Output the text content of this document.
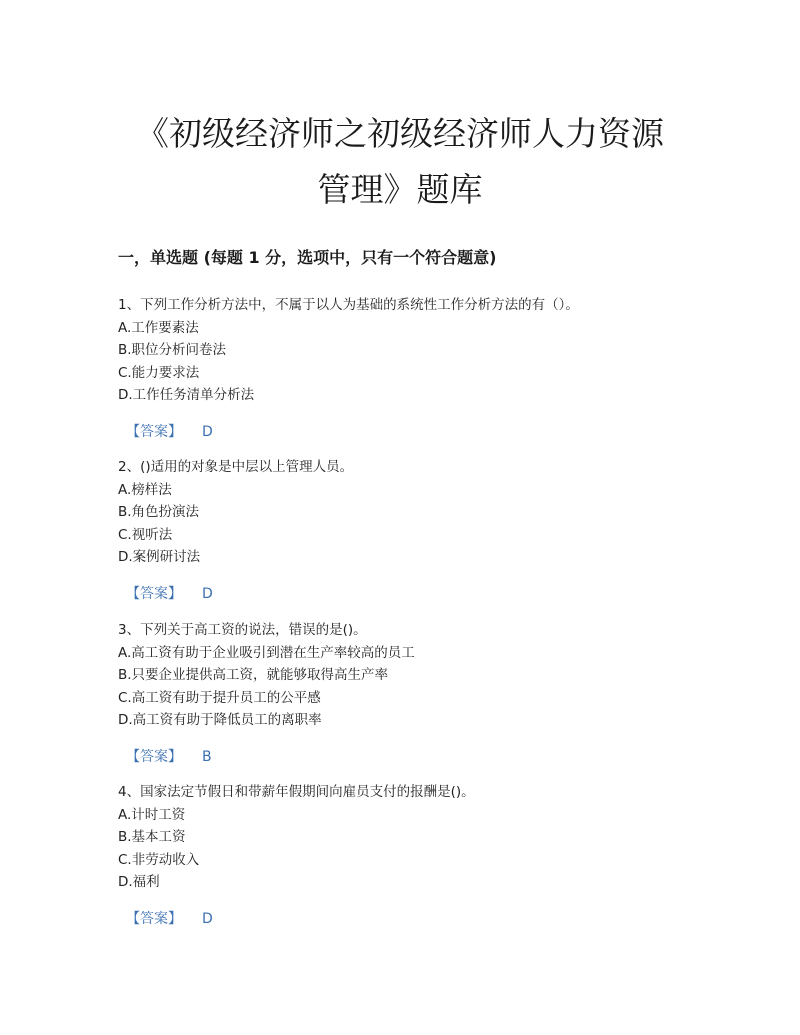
《初级经济师之初级经济师人力资源
管理》题库
一，单选题 (每题 1 分，选项中，只有一个符合题意)
1、下列工作分析方法中，不属于以人为基础的系统性工作分析方法的有（）。
A.工作要素法
B.职位分析问卷法
C.能力要求法
D.工作任务清单分析法
【答案】 D
2、()适用的对象是中层以上管理人员。
A.榜样法
B.角色扮演法
C.视听法
D.案例研讨法
【答案】 D
3、下列关于高工资的说法，错误的是()。
A.高工资有助于企业吸引到潜在生产率较高的员工
B.只要企业提供高工资，就能够取得高生产率
C.高工资有助于提升员工的公平感
D.高工资有助于降低员工的离职率
【答案】 B
4、国家法定节假日和带薪年假期间向雇员支付的报酬是()。
A.计时工资
B.基本工资
C.非劳动收入
D.福利
【答案】 D
